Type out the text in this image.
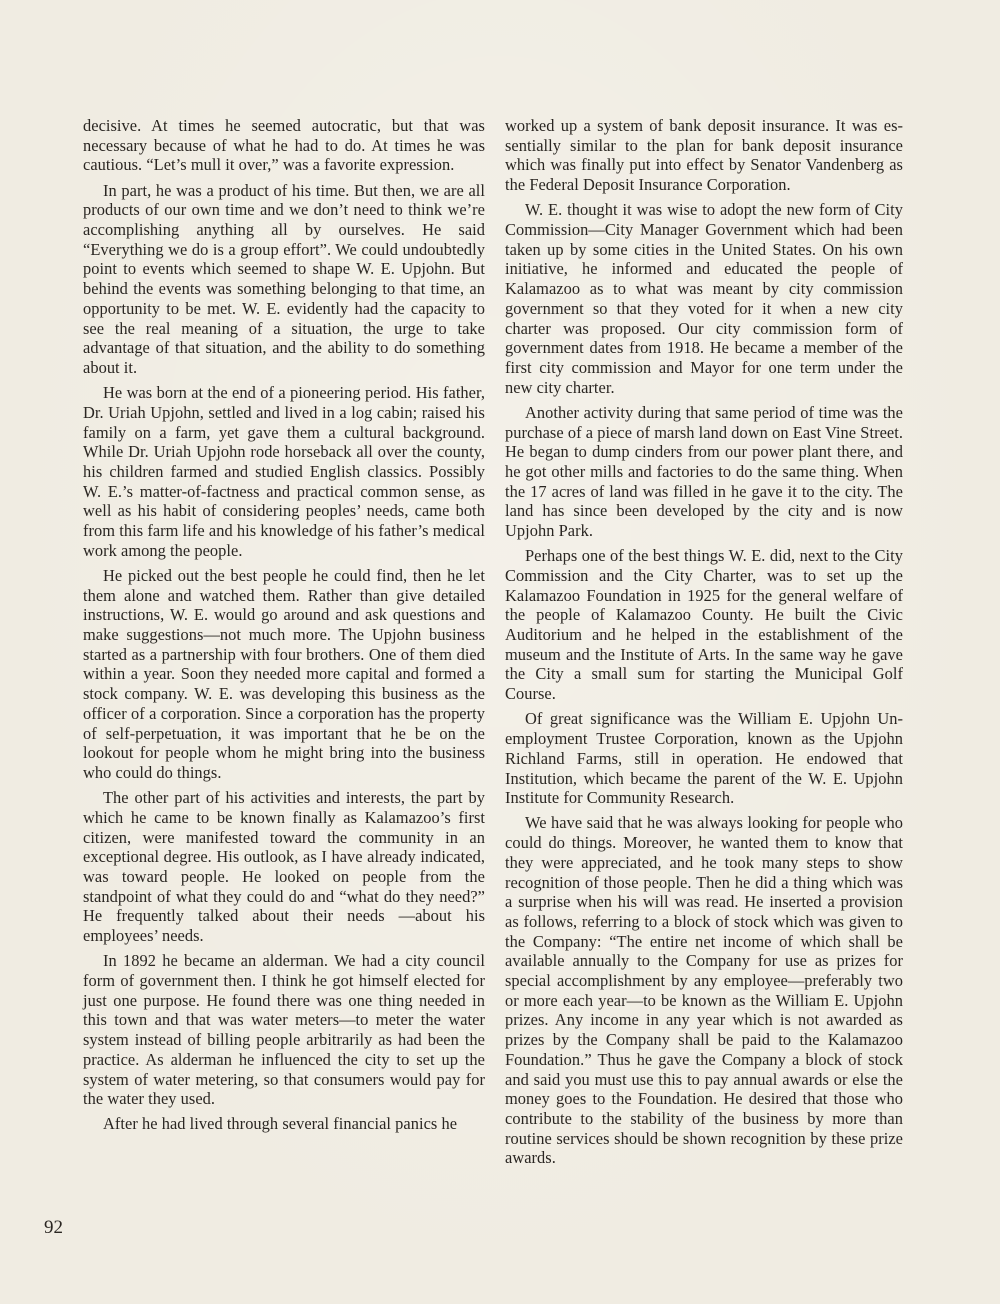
decisive. At times he seemed autocratic, but that was necessary because of what he had to do. At times he was cautious. “Let’s mull it over,” was a favorite expression.

In part, he was a product of his time. But then, we are all products of our own time and we don’t need to think we’re accomplishing anything all by ourselves. He said “Everything we do is a group effort”. We could undoubtedly point to events which seemed to shape W. E. Upjohn. But behind the events was something belonging to that time, an opportunity to be met. W. E. evidently had the capacity to see the real meaning of a situation, the urge to take advantage of that situation, and the ability to do something about it.

He was born at the end of a pioneering period. His father, Dr. Uriah Upjohn, settled and lived in a log cabin; raised his family on a farm, yet gave them a cultural background. While Dr. Uriah Upjohn rode horseback all over the county, his children farmed and studied English classics. Possibly W. E.’s matter-of-factness and practical common sense, as well as his habit of considering peoples’ needs, came both from this farm life and his knowledge of his father’s medical work among the people.

He picked out the best people he could find, then he let them alone and watched them. Rather than give detailed instructions, W. E. would go around and ask questions and make suggestions—not much more. The Upjohn business started as a partnership with four brothers. One of them died within a year. Soon they needed more capital and formed a stock company. W. E. was developing this business as the officer of a corporation. Since a corporation has the property of self-perpetuation, it was important that he be on the lookout for people whom he might bring into the business who could do things.

The other part of his activities and interests, the part by which he came to be known finally as Kalamazoo’s first citizen, were manifested toward the community in an exceptional degree. His outlook, as I have already indicated, was toward people. He looked on people from the standpoint of what they could do and “what do they need?” He frequently talked about their needs —about his employees’ needs.

In 1892 he became an alderman. We had a city council form of government then. I think he got himself elected for just one purpose. He found there was one thing needed in this town and that was water meters—to meter the water system instead of billing people arbitrarily as had been the practice. As alderman he influenced the city to set up the system of water metering, so that consumers would pay for the water they used.

After he had lived through several financial panics he

worked up a system of bank deposit insurance. It was essentially similar to the plan for bank deposit insurance which was finally put into effect by Senator Vandenberg as the Federal Deposit Insurance Corporation.

W. E. thought it was wise to adopt the new form of City Commission—City Manager Government which had been taken up by some cities in the United States. On his own initiative, he informed and educated the people of Kalamazoo as to what was meant by city commission government so that they voted for it when a new city charter was proposed. Our city commission form of government dates from 1918. He became a member of the first city commission and Mayor for one term under the new city charter.

Another activity during that same period of time was the purchase of a piece of marsh land down on East Vine Street. He began to dump cinders from our power plant there, and he got other mills and factories to do the same thing. When the 17 acres of land was filled in he gave it to the city. The land has since been developed by the city and is now Upjohn Park.

Perhaps one of the best things W. E. did, next to the City Commission and the City Charter, was to set up the Kalamazoo Foundation in 1925 for the general welfare of the people of Kalamazoo County. He built the Civic Auditorium and he helped in the establishment of the museum and the Institute of Arts. In the same way he gave the City a small sum for starting the Municipal Golf Course.

Of great significance was the William E. Upjohn Unemployment Trustee Corporation, known as the Upjohn Richland Farms, still in operation. He endowed that Institution, which became the parent of the W. E. Upjohn Institute for Community Research.

We have said that he was always looking for people who could do things. Moreover, he wanted them to know that they were appreciated, and he took many steps to show recognition of those people. Then he did a thing which was a surprise when his will was read. He inserted a provision as follows, referring to a block of stock which was given to the Company: “The entire net income of which shall be available annually to the Company for use as prizes for special accomplishment by any employee—preferably two or more each year—to be known as the William E. Upjohn prizes. Any income in any year which is not awarded as prizes by the Company shall be paid to the Kalamazoo Foundation.” Thus he gave the Company a block of stock and said you must use this to pay annual awards or else the money goes to the Foundation. He desired that those who contribute to the stability of the business by more than routine services should be shown recognition by these prize awards.

92
